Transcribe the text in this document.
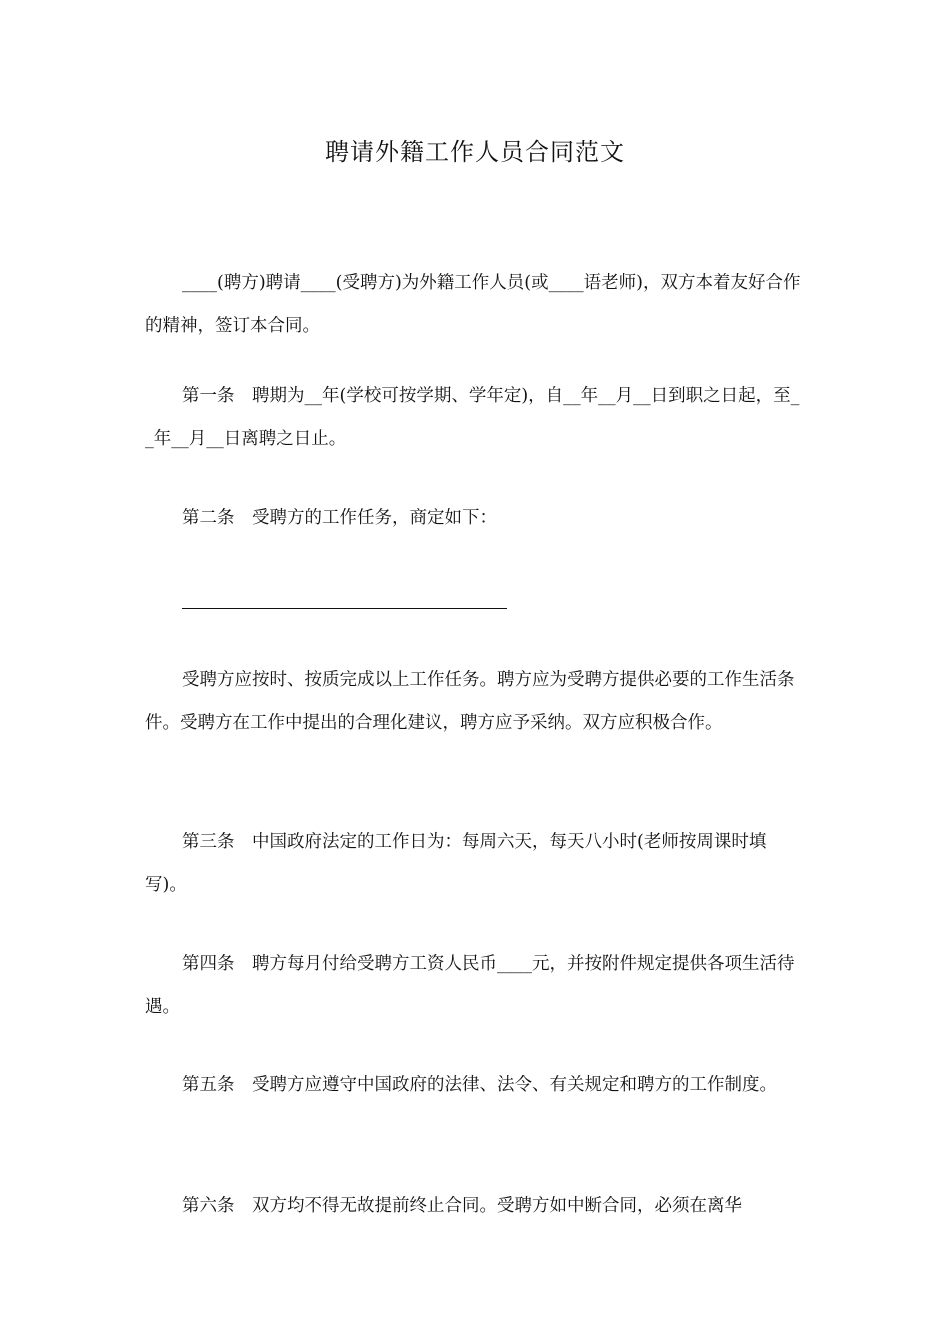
聘请外籍工作人员合同范文

____(聘方)聘请____(受聘方)为外籍工作人员(或____语老师)，双方本着友好合作的精神，签订本合同。

第一条　聘期为__年(学校可按学期、学年定)，自__年__月__日到职之日起，至__年__月__日离聘之日止。

第二条　受聘方的工作任务，商定如下：

受聘方应按时、按质完成以上工作任务。聘方应为受聘方提供必要的工作生活条件。受聘方在工作中提出的合理化建议，聘方应予采纳。双方应积极合作。

第三条　中国政府法定的工作日为：每周六天，每天八小时(老师按周课时填写)。

第四条　聘方每月付给受聘方工资人民币____元，并按附件规定提供各项生活待遇。

第五条　受聘方应遵守中国政府的法律、法令、有关规定和聘方的工作制度。

第六条　双方均不得无故提前终止合同。受聘方如中断合同，必须在离华
